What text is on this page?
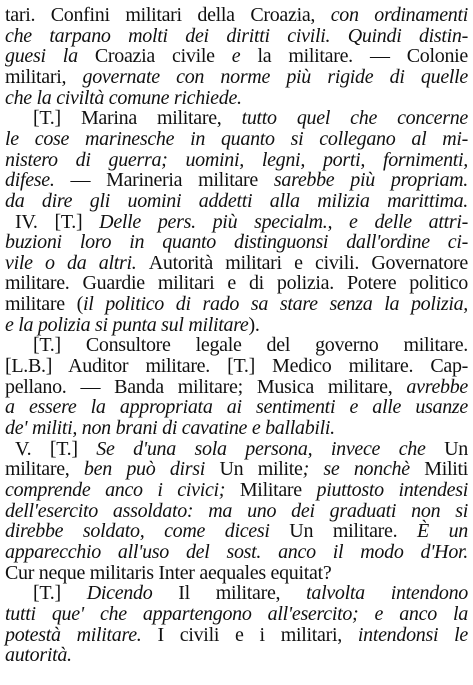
tari. Confini militari della Croazia, con ordinamenti
che tarpano molti dei diritti civili. Quindi distin-
guesi la Croazia civile e la militare. — Colonie
militari, governate con norme più rigide di quelle
che la civiltà comune richiede.
[T.] Marina militare, tutto quel che concerne
le cose marinesche in quanto si collegano al mi-
nistero di guerra; uomini, legni, porti, fornimenti,
difese. — Marineria militare sarebbe più propriam.
da dire gli uomini addetti alla milizia marittima.
IV. [T.] Delle pers. più specialm., e delle attri-
buzioni loro in quanto distinguonsi dall'ordine ci-
vile o da altri. Autorità militari e civili. Governatore
militare. Guardie militari e di polizia. Potere politico
militare (il politico di rado sa stare senza la polizia,
e la polizia si punta sul militare).
[T.] Consultore legale del governo militare.
[L.B.] Auditor militare. [T.] Medico militare. Cap-
pellano. — Banda militare; Musica militare, avrebbe
a essere la appropriata ai sentimenti e alle usanze
de' militi, non brani di cavatine e ballabili.
V. [T.] Se d'una sola persona, invece che Un
militare, ben può dirsi Un milite; se nonchè Militi
comprende anco i civici; Militare piuttosto intendesi
dell'esercito assoldato: ma uno dei graduati non si
direbbe soldato, come dicesi Un militare. È un
apparecchio all'uso del sost. anco il modo d'Hor.
Cur neque militaris Inter aequales equitat?
[T.] Dicendo Il militare, talvolta intendono
tutti que' che appartengono all'esercito; e anco la
potestà militare. I civili e i militari, intendonsi le
autorità.
